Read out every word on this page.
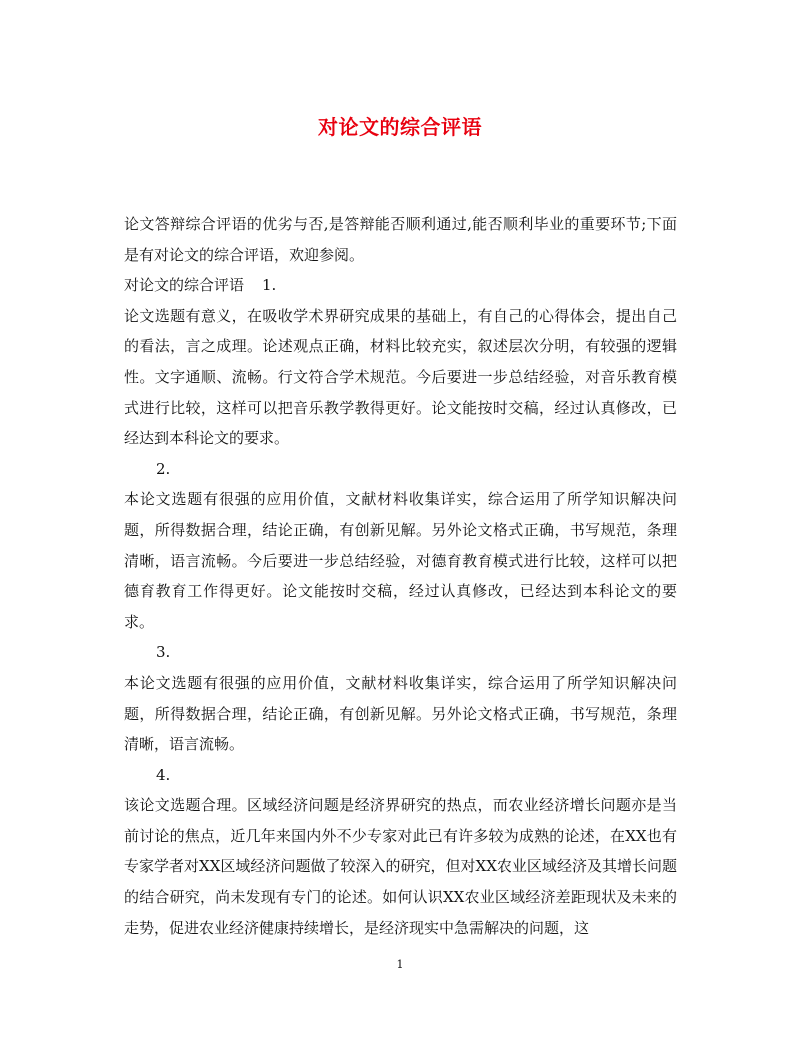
对论文的综合评语

论文答辩综合评语的优劣与否,是答辩能否顺利通过,能否顺利毕业的重要环节;下面是有对论文的综合评语，欢迎参阅。

对论文的综合评语 1.

论文选题有意义，在吸收学术界研究成果的基础上，有自己的心得体会，提出自己的看法，言之成理。论述观点正确，材料比较充实，叙述层次分明，有较强的逻辑性。文字通顺、流畅。行文符合学术规范。今后要进一步总结经验，对音乐教育模式进行比较，这样可以把音乐教学教得更好。论文能按时交稿，经过认真修改，已经达到本科论文的要求。

2.

本论文选题有很强的应用价值，文献材料收集详实，综合运用了所学知识解决问题，所得数据合理，结论正确，有创新见解。另外论文格式正确，书写规范，条理清晰，语言流畅。今后要进一步总结经验，对德育教育模式进行比较，这样可以把德育教育工作得更好。论文能按时交稿，经过认真修改，已经达到本科论文的要求。

3.

本论文选题有很强的应用价值，文献材料收集详实，综合运用了所学知识解决问题，所得数据合理，结论正确，有创新见解。另外论文格式正确，书写规范，条理清晰，语言流畅。

4.

该论文选题合理。区域经济问题是经济界研究的热点，而农业经济增长问题亦是当前讨论的焦点，近几年来国内外不少专家对此已有许多较为成熟的论述，在XX也有专家学者对XX区域经济问题做了较深入的研究，但对XX农业区域经济及其增长问题的结合研究，尚未发现有专门的论述。如何认识XX农业区域经济差距现状及未来的走势，促进农业经济健康持续增长，是经济现实中急需解决的问题，这

1
